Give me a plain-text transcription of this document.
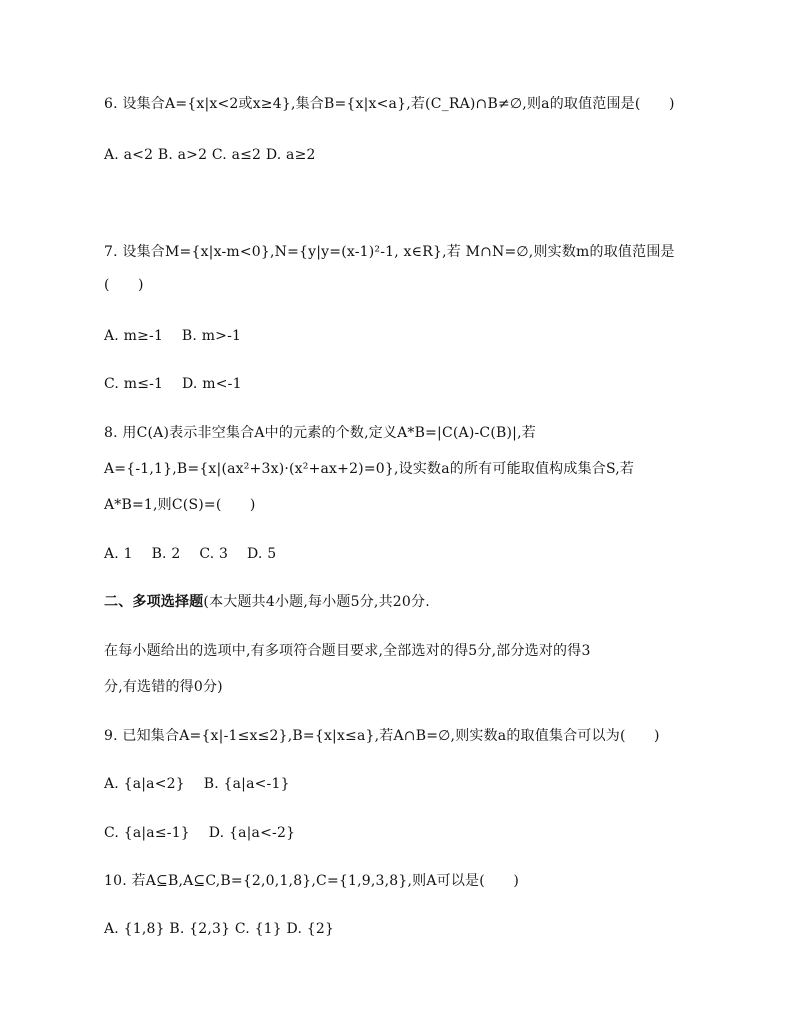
6. 设集合A={x|x<2或x≥4},集合B={x|x<a},若(C_RA)∩B≠∅,则a的取值范围是(　　)
A. a<2 B. a>2 C. a≤2 D. a≥2
7. 设集合M={x|x-m<0},N={y|y=(x-1)²-1, x∈R},若 M∩N=∅,则实数m的取值范围是
(　　)
A. m≥-1　 B. m>-1
C. m≤-1　 D. m<-1
8. 用C(A)表示非空集合A中的元素的个数,定义A*B=|C(A)-C(B)|,若
A={-1,1},B={x|(ax²+3x)·(x²+ax+2)=0},设实数a的所有可能取值构成集合S,若
A*B=1,则C(S)=(　　)
A. 1　 B. 2　 C. 3　 D. 5
二、多项选择题(本大题共4小题,每小题5分,共20分.
在每小题给出的选项中,有多项符合题目要求,全部选对的得5分,部分选对的得3
分,有选错的得0分)
9. 已知集合A={x|-1≤x≤2},B={x|x≤a},若A∩B=∅,则实数a的取值集合可以为(　　)
A. {a|a<2}　 B. {a|a<-1}
C. {a|a≤-1}　 D. {a|a<-2}
10. 若A⊆B,A⊆C,B={2,0,1,8},C={1,9,3,8},则A可以是(　　)
A. {1,8} B. {2,3} C. {1} D. {2}
